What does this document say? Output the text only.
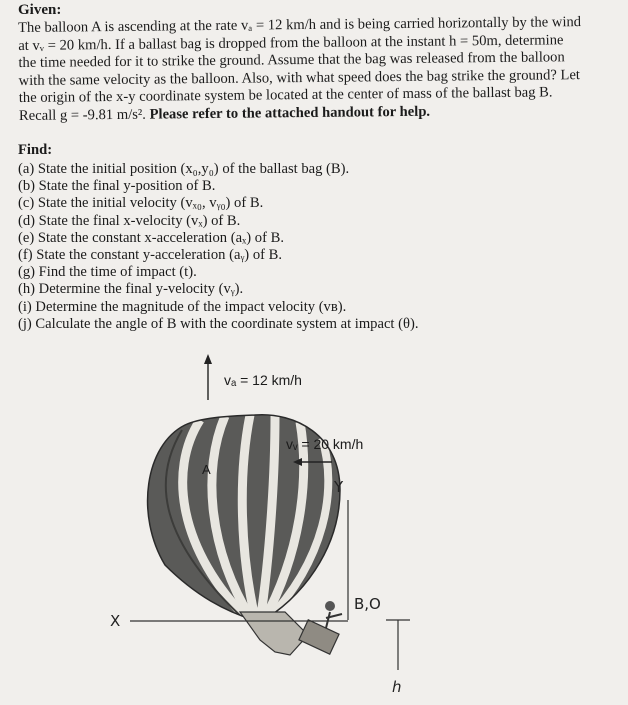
Given:
The balloon A is ascending at the rate vₐ = 12 km/h and is being carried horizontally by the wind
at vᵥ = 20 km/h. If a ballast bag is dropped from the balloon at the instant h = 50m, determine
the time needed for it to strike the ground. Assume that the bag was released from the balloon
with the same velocity as the balloon. Also, with what speed does the bag strike the ground? Let
the origin of the x-y coordinate system be located at the center of mass of the ballast bag B.
Recall g = -9.81 m/s². Please refer to the attached handout for help.
Find:
(a) State the initial position (x₀,y₀) of the ballast bag (B).
(b) State the final y-position of B.
(c) State the initial velocity (vₓ₀, vᵧ₀) of B.
(d) State the final x-velocity (vₓ) of B.
(e) State the constant x-acceleration (aₓ) of B.
(f) State the constant y-acceleration (aᵧ) of B.
(g) Find the time of impact (t).
(h) Determine the final y-velocity (vᵧ).
(i) Determine the magnitude of the impact velocity (vʙ).
(j) Calculate the angle of B with the coordinate system at impact (θ).
vₐ = 12 km/h
vᵥ = 20 km/h
A
Y
X
B,O
h
